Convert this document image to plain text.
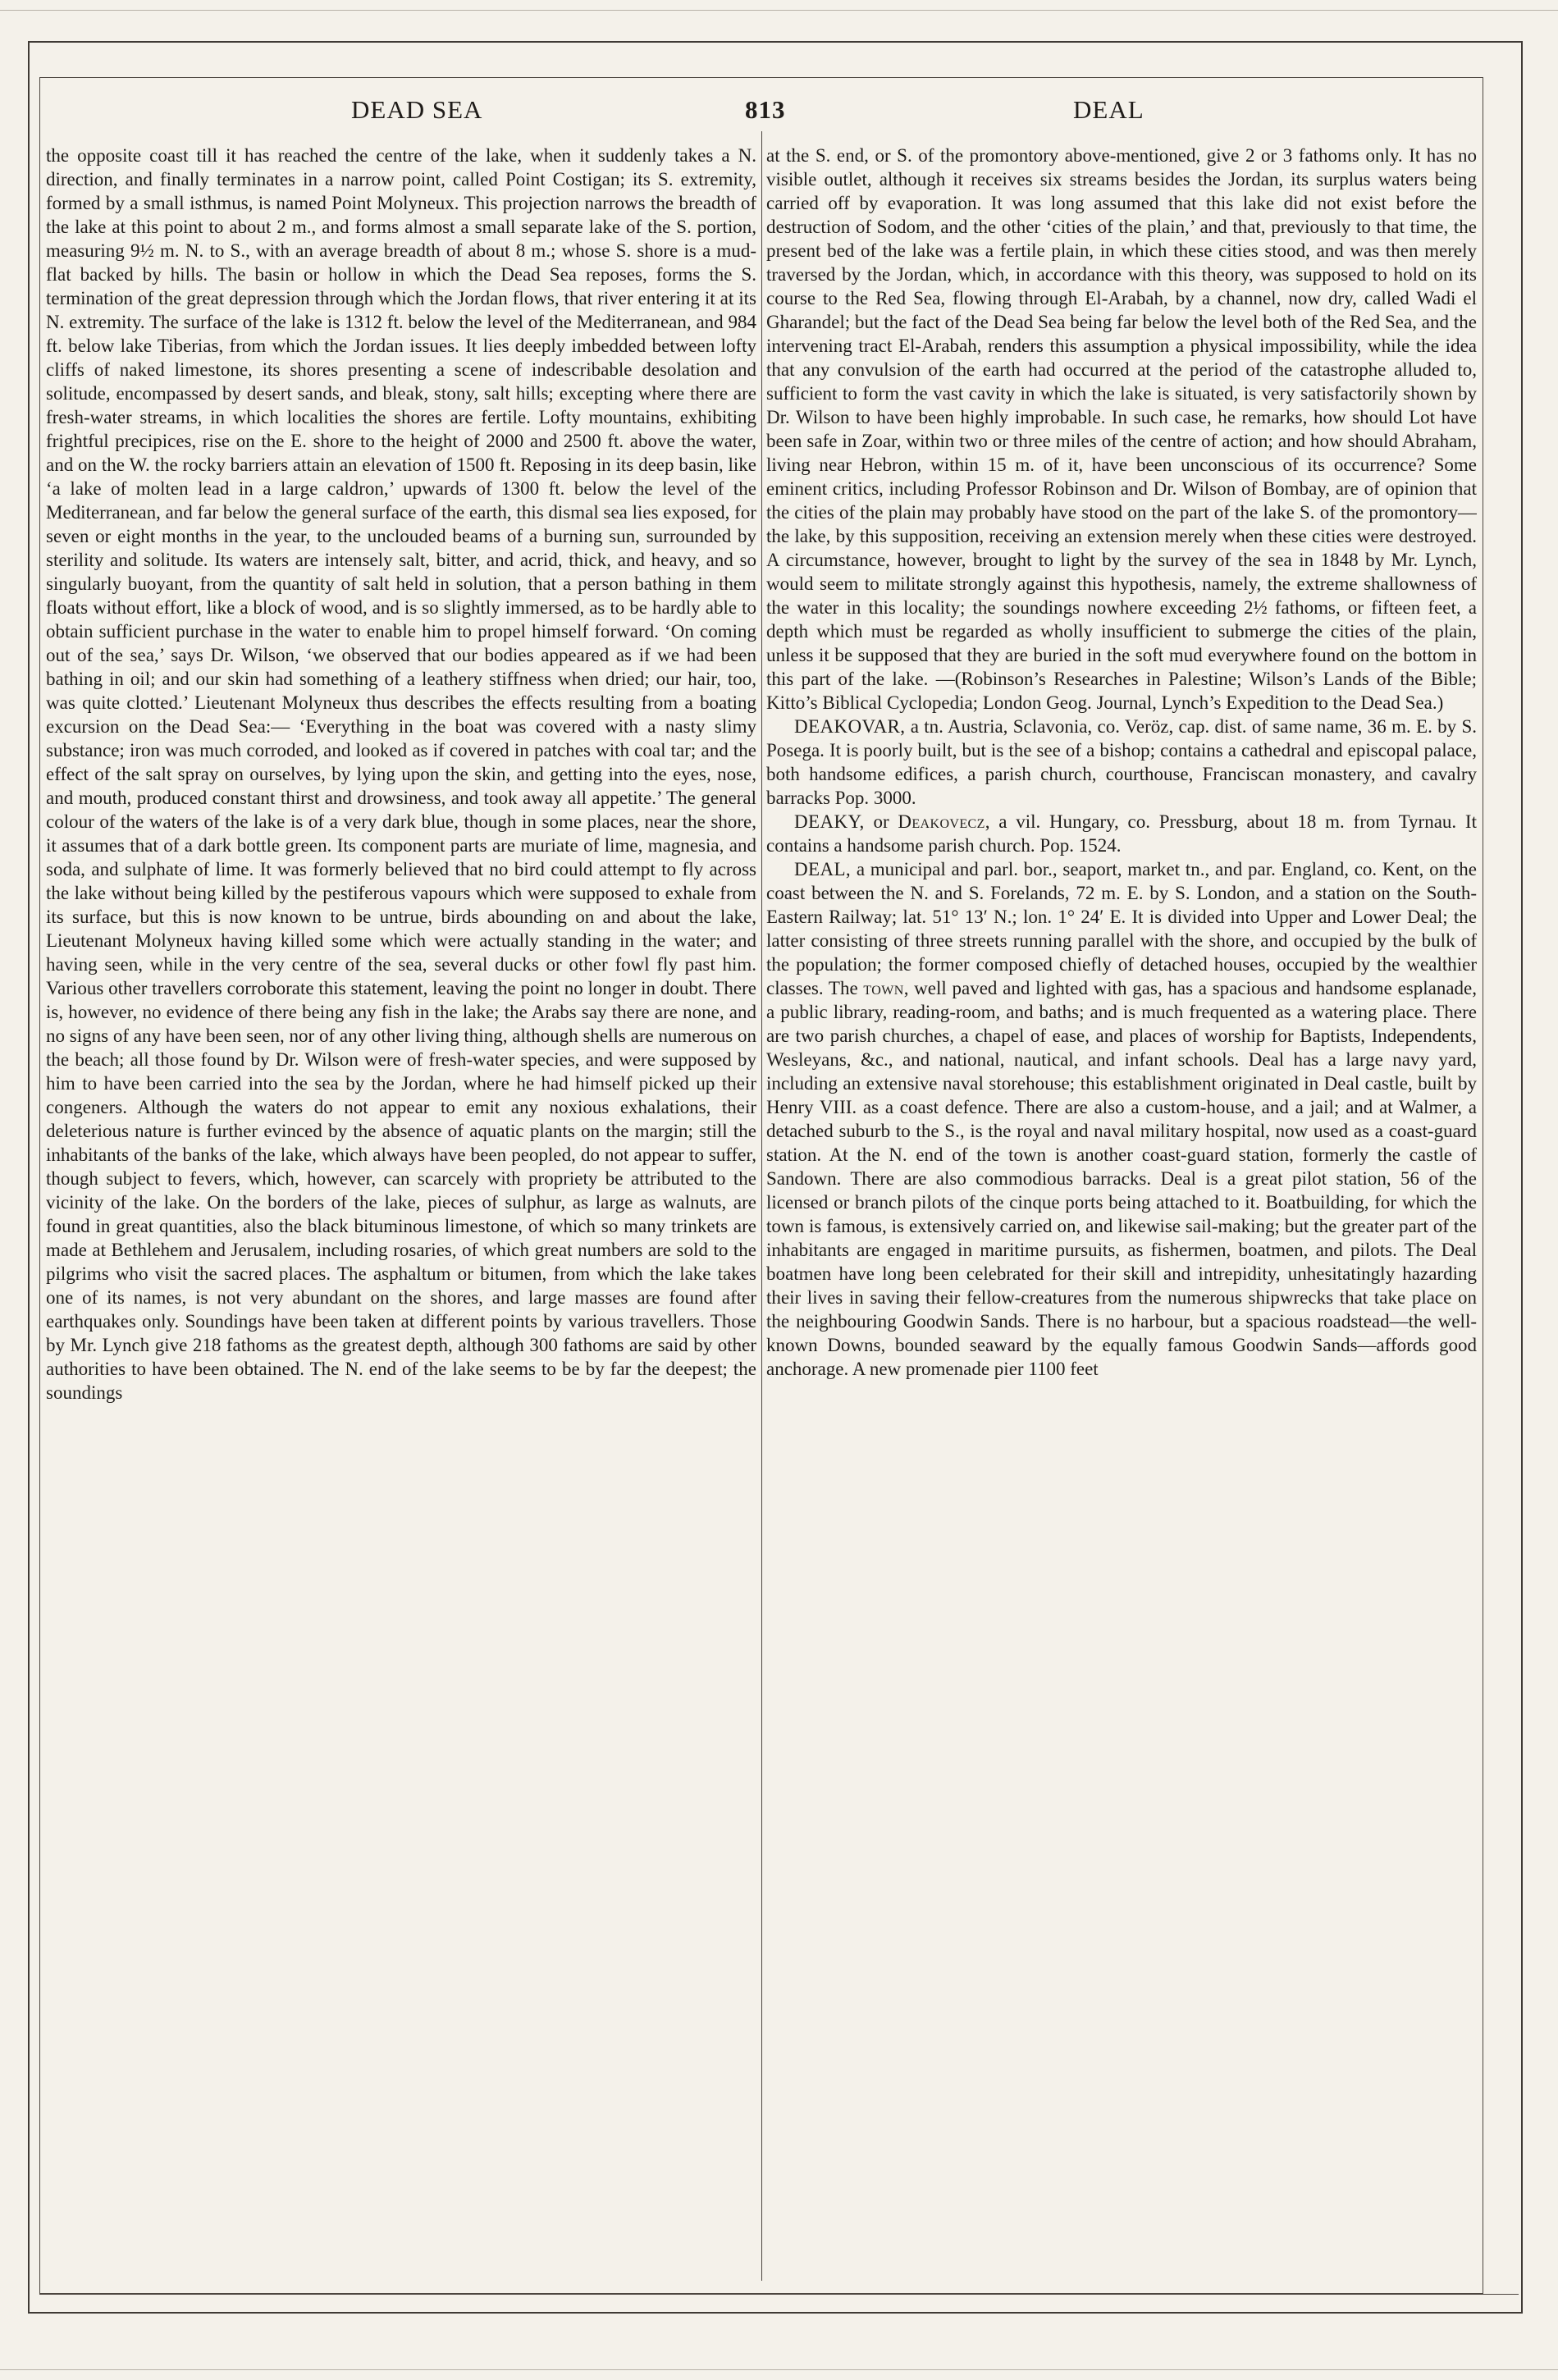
DEAD SEA	813	DEAL

the opposite coast till it has reached the centre of the lake, when it suddenly takes a N. direction, and finally terminates in a narrow point, called Point Costigan; its S. extremity, formed by a small isthmus, is named Point Molyneux. This projection narrows the breadth of the lake at this point to about 2 m., and forms almost a small separate lake of the S. portion, measuring 9½ m. N. to S., with an average breadth of about 8 m.; whose S. shore is a mud-flat backed by hills. The basin or hollow in which the Dead Sea reposes, forms the S. termination of the great depression through which the Jordan flows, that river entering it at its N. extremity. The surface of the lake is 1312 ft. below the level of the Mediterranean, and 984 ft. below lake Tiberias, from which the Jordan issues. It lies deeply imbedded between lofty cliffs of naked limestone, its shores presenting a scene of indescribable desolation and solitude, encompassed by desert sands, and bleak, stony, salt hills; excepting where there are fresh-water streams, in which localities the shores are fertile. Lofty mountains, exhibiting frightful precipices, rise on the E. shore to the height of 2000 and 2500 ft. above the water, and on the W. the rocky barriers attain an elevation of 1500 ft. Reposing in its deep basin, like ‘a lake of molten lead in a large caldron,’ upwards of 1300 ft. below the level of the Mediterranean, and far below the general surface of the earth, this dismal sea lies exposed, for seven or eight months in the year, to the unclouded beams of a burning sun, surrounded by sterility and solitude. Its waters are intensely salt, bitter, and acrid, thick, and heavy, and so singularly buoyant, from the quantity of salt held in solution, that a person bathing in them floats without effort, like a block of wood, and is so slightly immersed, as to be hardly able to obtain sufficient purchase in the water to enable him to propel himself forward. ‘On coming out of the sea,’ says Dr. Wilson, ‘we observed that our bodies appeared as if we had been bathing in oil; and our skin had something of a leathery stiffness when dried; our hair, too, was quite clotted.’ Lieutenant Molyneux thus describes the effects resulting from a boating excursion on the Dead Sea:— ‘Everything in the boat was covered with a nasty slimy substance; iron was much corroded, and looked as if covered in patches with coal tar; and the effect of the salt spray on ourselves, by lying upon the skin, and getting into the eyes, nose, and mouth, produced constant thirst and drowsiness, and took away all appetite.’ The general colour of the waters of the lake is of a very dark blue, though in some places, near the shore, it assumes that of a dark bottle green. Its component parts are muriate of lime, magnesia, and soda, and sulphate of lime. It was formerly believed that no bird could attempt to fly across the lake without being killed by the pestiferous vapours which were supposed to exhale from its surface, but this is now known to be untrue, birds abounding on and about the lake, Lieutenant Molyneux having killed some which were actually standing in the water; and having seen, while in the very centre of the sea, several ducks or other fowl fly past him. Various other travellers corroborate this statement, leaving the point no longer in doubt. There is, however, no evidence of there being any fish in the lake; the Arabs say there are none, and no signs of any have been seen, nor of any other living thing, although shells are numerous on the beach; all those found by Dr. Wilson were of fresh-water species, and were supposed by him to have been carried into the sea by the Jordan, where he had himself picked up their congeners. Although the waters do not appear to emit any noxious exhalations, their deleterious nature is further evinced by the absence of aquatic plants on the margin; still the inhabitants of the banks of the lake, which always have been peopled, do not appear to suffer, though subject to fevers, which, however, can scarcely with propriety be attributed to the vicinity of the lake. On the borders of the lake, pieces of sulphur, as large as walnuts, are found in great quantities, also the black bituminous limestone, of which so many trinkets are made at Bethlehem and Jerusalem, including rosaries, of which great numbers are sold to the pilgrims who visit the sacred places. The asphaltum or bitumen, from which the lake takes one of its names, is not very abundant on the shores, and large masses are found after earthquakes only. Soundings have been taken at different points by various travellers. Those by Mr. Lynch give 218 fathoms as the greatest depth, although 300 fathoms are said by other authorities to have been obtained. The N. end of the lake seems to be by far the deepest; the soundings

at the S. end, or S. of the promontory above-mentioned, give 2 or 3 fathoms only. It has no visible outlet, although it receives six streams besides the Jordan, its surplus waters being carried off by evaporation. It was long assumed that this lake did not exist before the destruction of Sodom, and the other ‘cities of the plain,’ and that, previously to that time, the present bed of the lake was a fertile plain, in which these cities stood, and was then merely traversed by the Jordan, which, in accordance with this theory, was supposed to hold on its course to the Red Sea, flowing through El-Arabah, by a channel, now dry, called Wadi el Gharandel; but the fact of the Dead Sea being far below the level both of the Red Sea, and the intervening tract El-Arabah, renders this assumption a physical impossibility, while the idea that any convulsion of the earth had occurred at the period of the catastrophe alluded to, sufficient to form the vast cavity in which the lake is situated, is very satisfactorily shown by Dr. Wilson to have been highly improbable. In such case, he remarks, how should Lot have been safe in Zoar, within two or three miles of the centre of action; and how should Abraham, living near Hebron, within 15 m. of it, have been unconscious of its occurrence? Some eminent critics, including Professor Robinson and Dr. Wilson of Bombay, are of opinion that the cities of the plain may probably have stood on the part of the lake S. of the promontory—the lake, by this supposition, receiving an extension merely when these cities were destroyed. A circumstance, however, brought to light by the survey of the sea in 1848 by Mr. Lynch, would seem to militate strongly against this hypothesis, namely, the extreme shallowness of the water in this locality; the soundings nowhere exceeding 2½ fathoms, or fifteen feet, a depth which must be regarded as wholly insufficient to submerge the cities of the plain, unless it be supposed that they are buried in the soft mud everywhere found on the bottom in this part of the lake. —(Robinson’s Researches in Palestine; Wilson’s Lands of the Bible; Kitto’s Biblical Cyclopedia; London Geog. Journal, Lynch’s Expedition to the Dead Sea.)

DEAKOVAR, a tn. Austria, Sclavonia, co. Veröz, cap. dist. of same name, 36 m. E. by S. Posega. It is poorly built, but is the see of a bishop; contains a cathedral and episcopal palace, both handsome edifices, a parish church, courthouse, Franciscan monastery, and cavalry barracks Pop. 3000.

DEAKY, or Deakovecz, a vil. Hungary, co. Pressburg, about 18 m. from Tyrnau. It contains a handsome parish church. Pop. 1524.

DEAL, a municipal and parl. bor., seaport, market tn., and par. England, co. Kent, on the coast between the N. and S. Forelands, 72 m. E. by S. London, and a station on the South-Eastern Railway; lat. 51° 13′ N.; lon. 1° 24′ E. It is divided into Upper and Lower Deal; the latter consisting of three streets running parallel with the shore, and occupied by the bulk of the population; the former composed chiefly of detached houses, occupied by the wealthier classes. The town, well paved and lighted with gas, has a spacious and handsome esplanade, a public library, reading-room, and baths; and is much frequented as a watering place. There are two parish churches, a chapel of ease, and places of worship for Baptists, Independents, Wesleyans, &c., and national, nautical, and infant schools. Deal has a large navy yard, including an extensive naval storehouse; this establishment originated in Deal castle, built by Henry VIII. as a coast defence. There are also a custom-house, and a jail; and at Walmer, a detached suburb to the S., is the royal and naval military hospital, now used as a coast-guard station. At the N. end of the town is another coast-guard station, formerly the castle of Sandown. There are also commodious barracks. Deal is a great pilot station, 56 of the licensed or branch pilots of the cinque ports being attached to it. Boatbuilding, for which the town is famous, is extensively carried on, and likewise sail-making; but the greater part of the inhabitants are engaged in maritime pursuits, as fishermen, boatmen, and pilots. The Deal boatmen have long been celebrated for their skill and intrepidity, unhesitatingly hazarding their lives in saving their fellow-creatures from the numerous shipwrecks that take place on the neighbouring Goodwin Sands. There is no harbour, but a spacious roadstead—the well-known Downs, bounded seaward by the equally famous Goodwin Sands—affords good anchorage. A new promenade pier 1100 feet
